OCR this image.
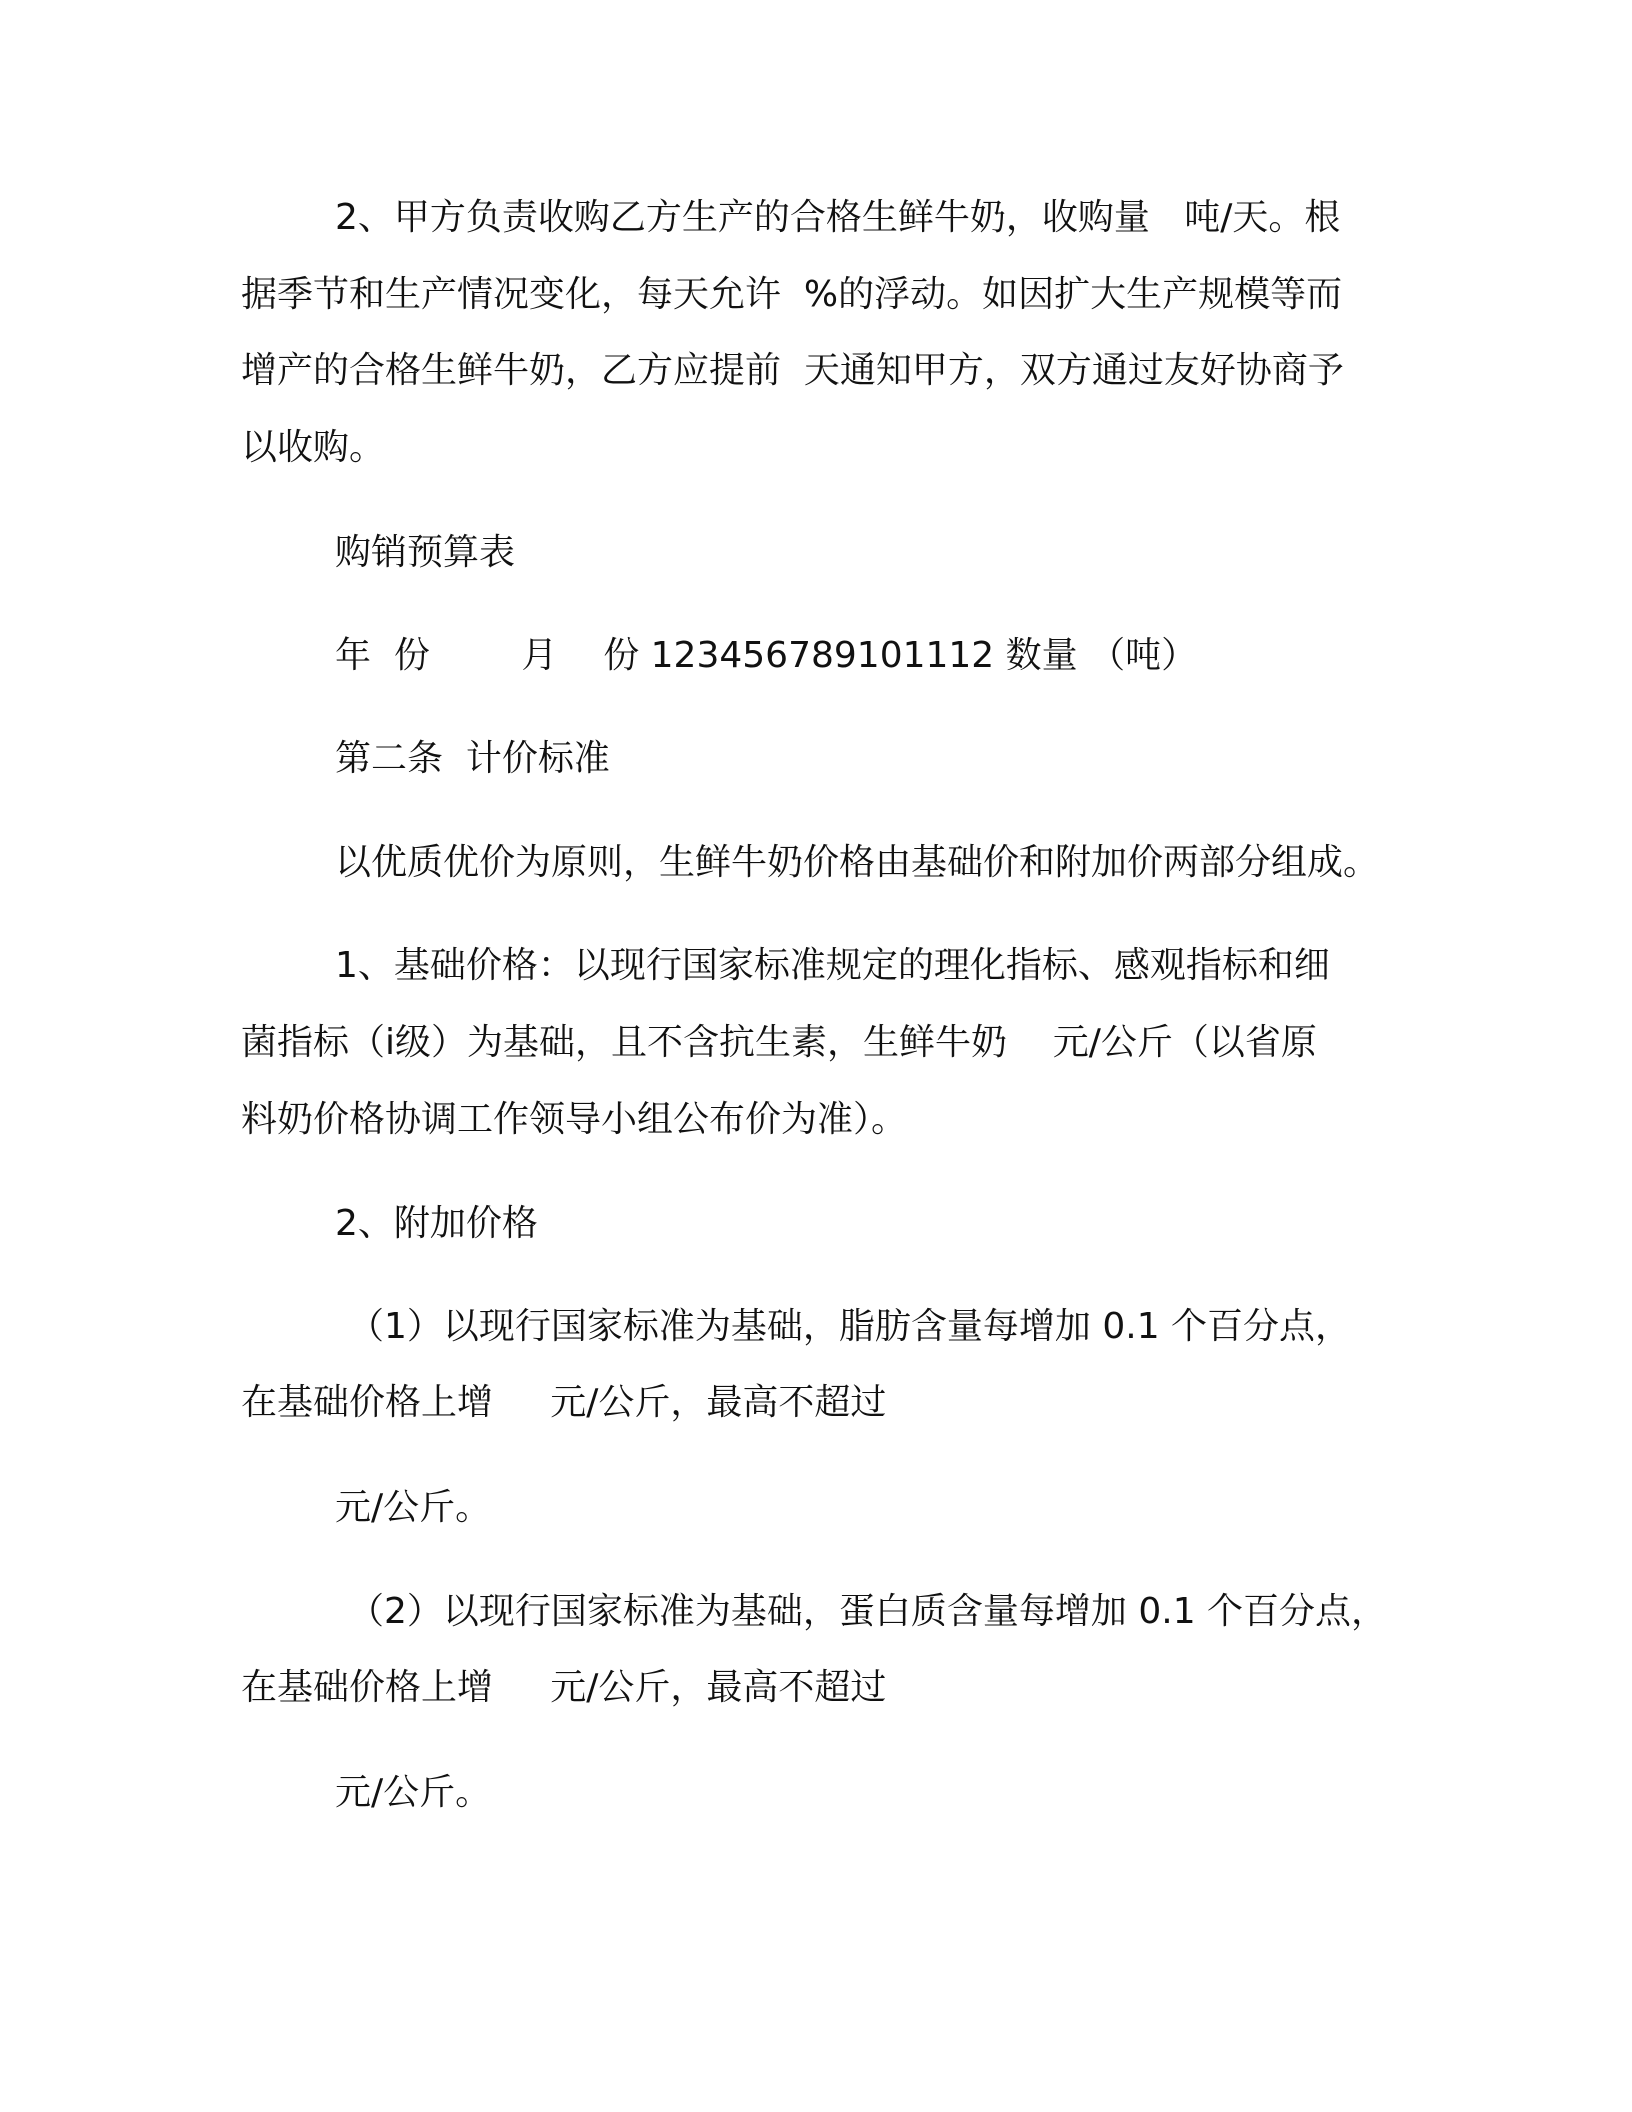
2、甲方负责收购乙方生产的合格生鲜牛奶，收购量   吨/天。根
据季节和生产情况变化，每天允许  %的浮动。如因扩大生产规模等而
增产的合格生鲜牛奶，乙方应提前  天通知甲方，双方通过友好协商予
以收购。
购销预算表
年  份        月    份 123456789101112 数量 （吨）
第二条  计价标准
以优质优价为原则，生鲜牛奶价格由基础价和附加价两部分组成。
1、基础价格：以现行国家标准规定的理化指标、感观指标和细
菌指标（ⅰ级）为基础，且不含抗生素，生鲜牛奶    元/公斤（以省原
料奶价格协调工作领导小组公布价为准）。
2、附加价格
（1）以现行国家标准为基础，脂肪含量每增加 0.1 个百分点，
在基础价格上增     元/公斤，最高不超过
元/公斤。
（2）以现行国家标准为基础，蛋白质含量每增加 0.1 个百分点，
在基础价格上增     元/公斤，最高不超过
元/公斤。
